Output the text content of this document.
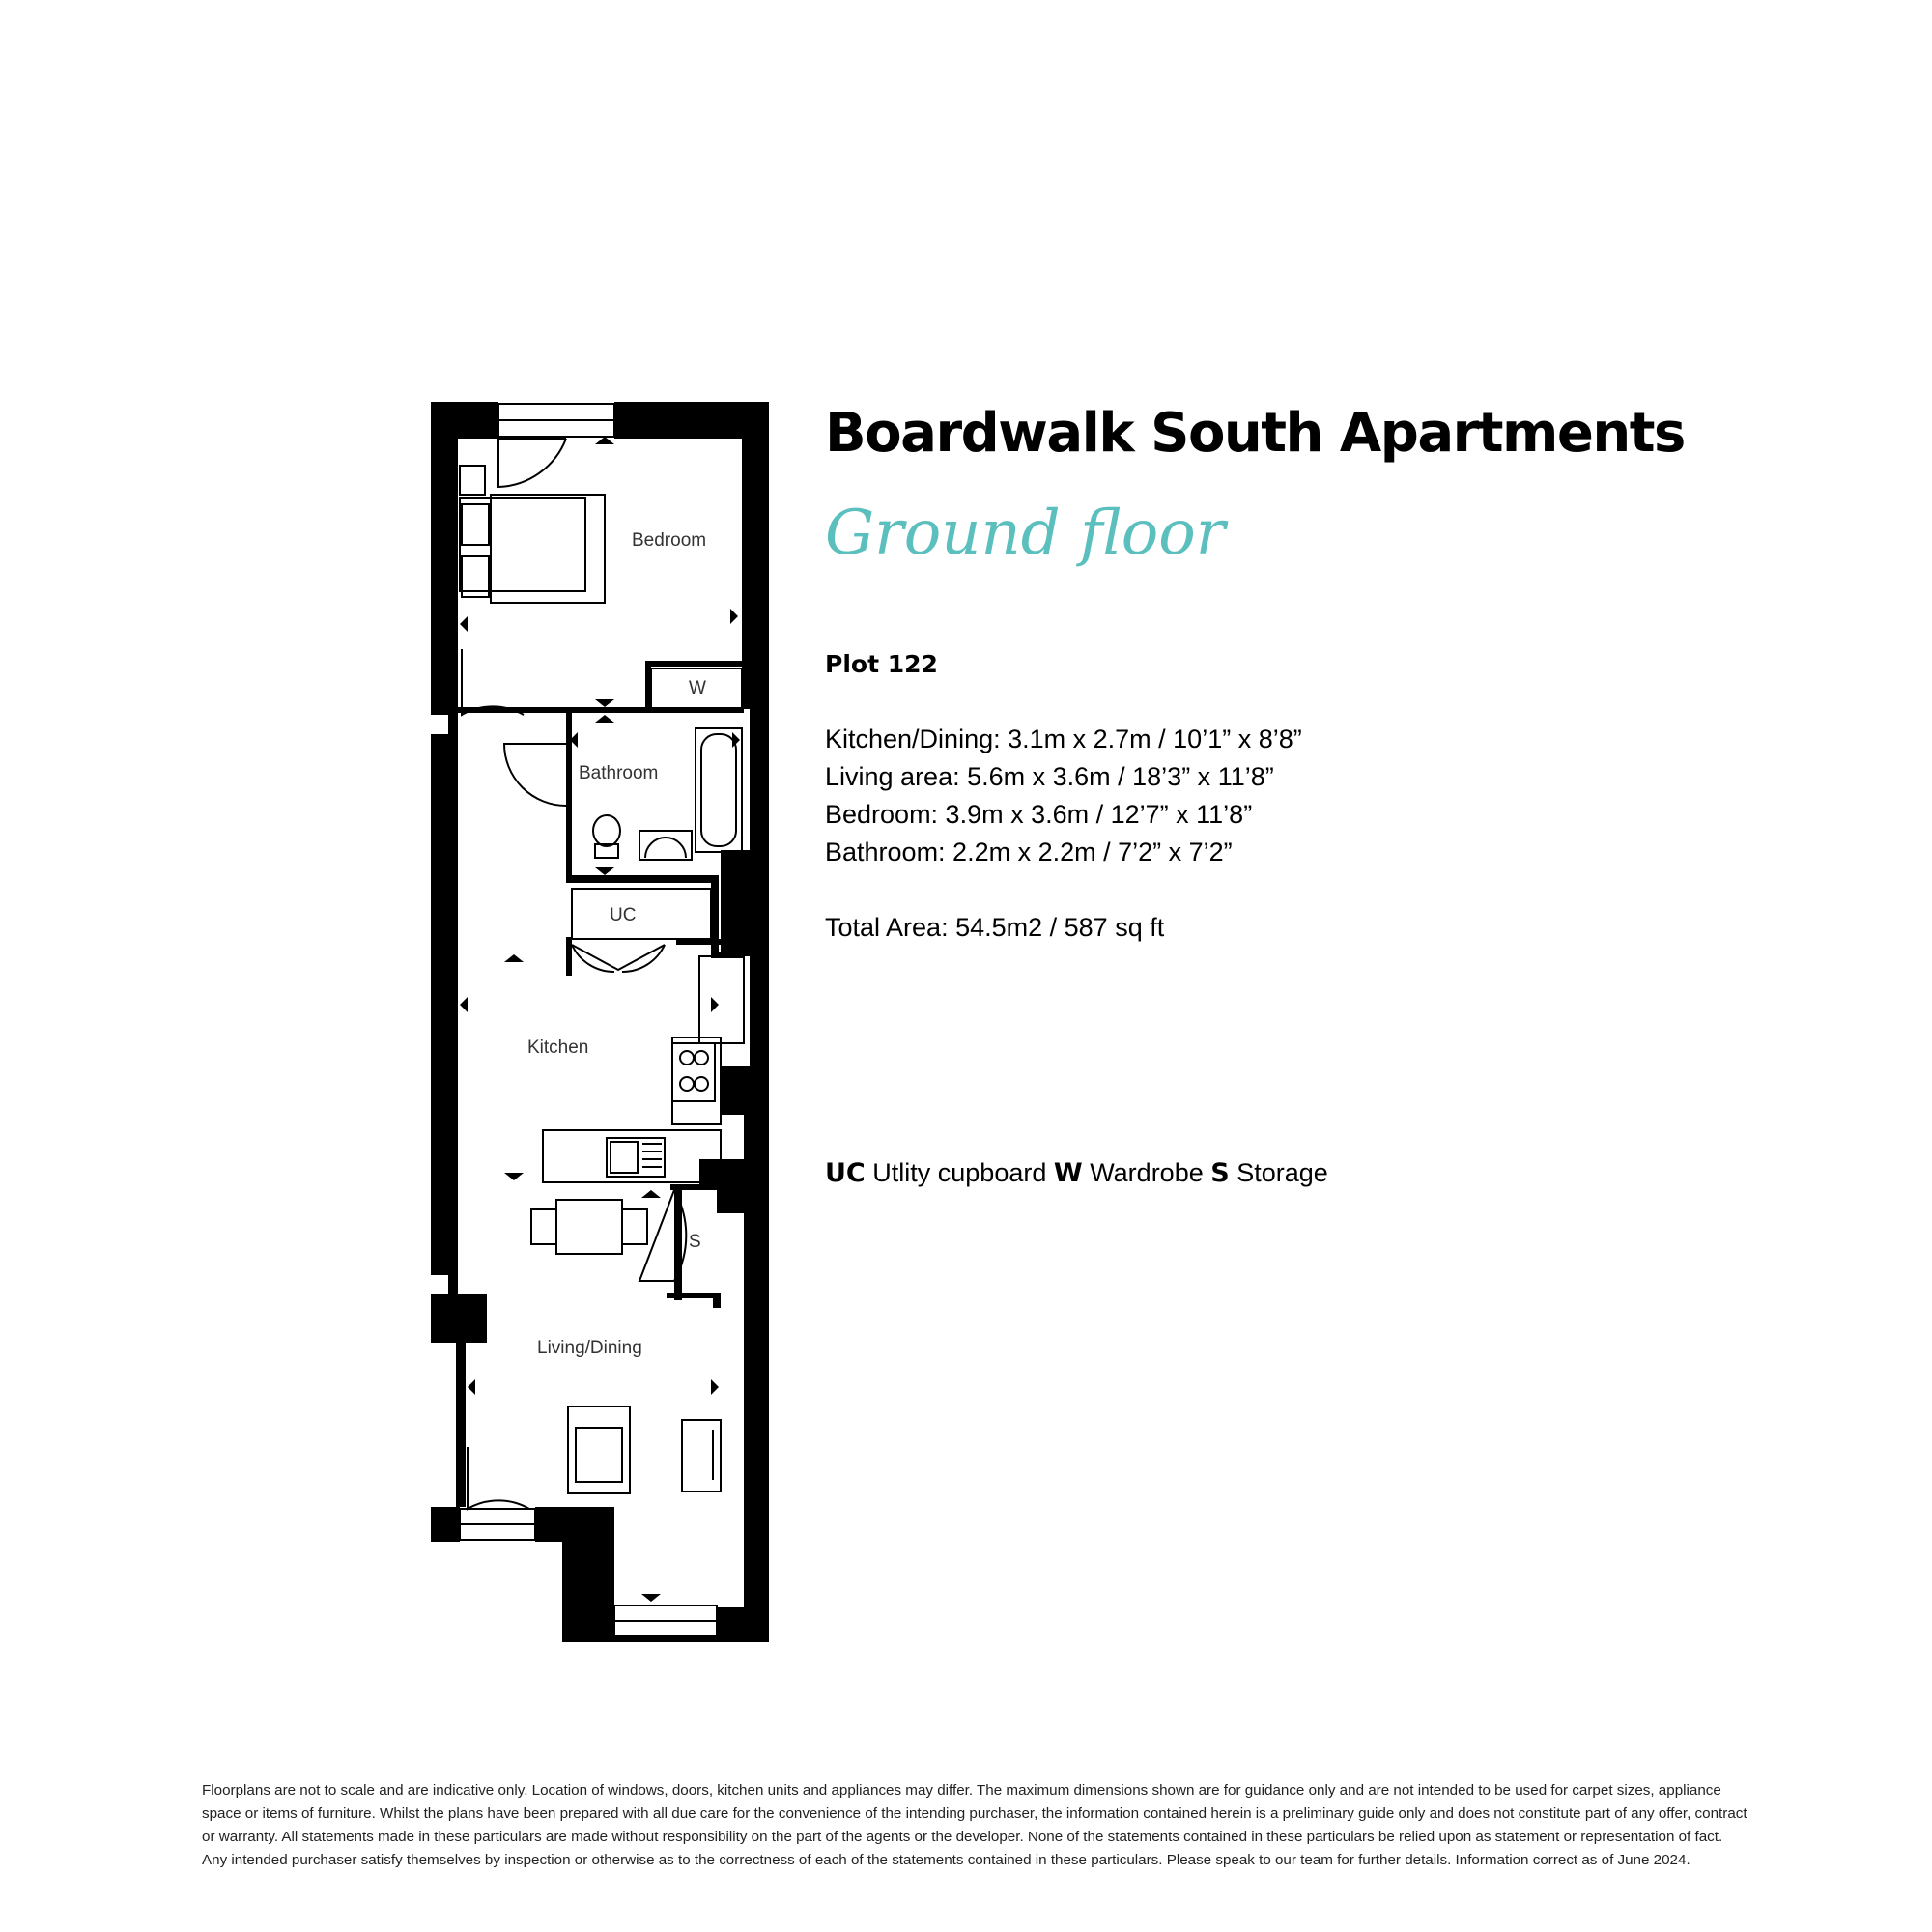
Bedroom
W
Bathroom
UC
Kitchen
S
Living/Dining
Boardwalk South Apartments
Ground floor
Plot 122
Kitchen/Dining: 3.1m x 2.7m / 10’1” x 8’8”
Living area: 5.6m x 3.6m / 18’3” x 11’8”
Bedroom: 3.9m x 3.6m / 12’7” x 11’8”
Bathroom: 2.2m x 2.2m / 7’2” x 7’2”
Total Area: 54.5m2 / 587 sq ft
UC Utlity cupboard W Wardrobe S Storage
Floorplans are not to scale and are indicative only. Location of windows, doors, kitchen units and appliances may differ. The maximum dimensions shown are for guidance only and are not intended to be used for carpet sizes, appliance space or items of furniture. Whilst the plans have been prepared with all due care for the convenience of the intending purchaser, the information contained herein is a preliminary guide only and does not constitute part of any offer, contract or warranty. All statements made in these particulars are made without responsibility on the part of the agents or the developer. None of the statements contained in these particulars be relied upon as statement or representation of fact. Any intended purchaser satisfy themselves by inspection or otherwise as to the correctness of each of the statements contained in these particulars. Please speak to our team for further details. Information correct as of June 2024.
